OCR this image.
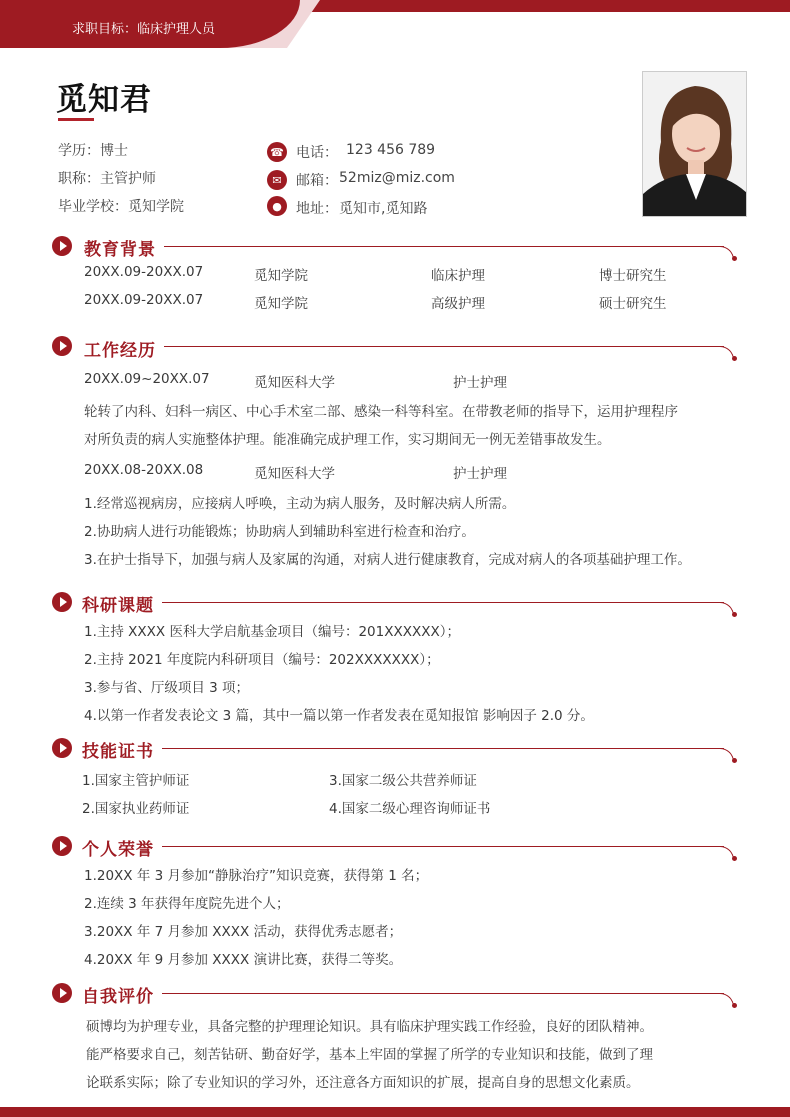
求职目标：临床护理人员
觅知君
学历：博士
职称：主管护师
毕业学校：觅知学院
☎ 电话： 123 456 789
✉	邮箱： 52miz@miz.com
●	地址： 觅知市,觅知路
教育背景
20XX.09-20XX.07	觅知学院	临床护理	博士研究生
20XX.09-20XX.07	觅知学院	高级护理	硕士研究生
工作经历
20XX.09~20XX.07	觅知医科大学	护士护理
轮转了内科、妇科一病区、中心手术室二部、感染一科等科室。在带教老师的指导下，运用护理程序
对所负责的病人实施整体护理。能准确完成护理工作，实习期间无一例无差错事故发生。
20XX.08-20XX.08	觅知医科大学	护士护理
1.经常巡视病房，应接病人呼唤，主动为病人服务，及时解决病人所需。
2.协助病人进行功能锻炼；协助病人到辅助科室进行检查和治疗。
3.在护士指导下，加强与病人及家属的沟通，对病人进行健康教育，完成对病人的各项基础护理工作。
科研课题
1.主持 XXXX 医科大学启航基金项目（编号：201XXXXXX）；
2.主持 2021 年度院内科研项目（编号：202XXXXXXX）；
3.参与省、厅级项目 3 项；
4.以第一作者发表论文 3 篇，其中一篇以第一作者发表在觅知报馆 影响因子 2.0 分。
技能证书
1.国家主管护师证	3.国家二级公共营养师证
2.国家执业药师证	4.国家二级心理咨询师证书
个人荣誉
1.20XX 年 3 月参加“静脉治疗”知识竞赛，获得第 1 名；
2.连续 3 年获得年度院先进个人；
3.20XX 年 7 月参加 XXXX 活动，获得优秀志愿者；
4.20XX 年 9 月参加 XXXX 演讲比赛，获得二等奖。
自我评价
硕博均为护理专业，具备完整的护理理论知识。具有临床护理实践工作经验，良好的团队精神。
能严格要求自己，刻苦钻研、勤奋好学，基本上牢固的掌握了所学的专业知识和技能，做到了理
论联系实际；除了专业知识的学习外，还注意各方面知识的扩展，提高自身的思想文化素质。
